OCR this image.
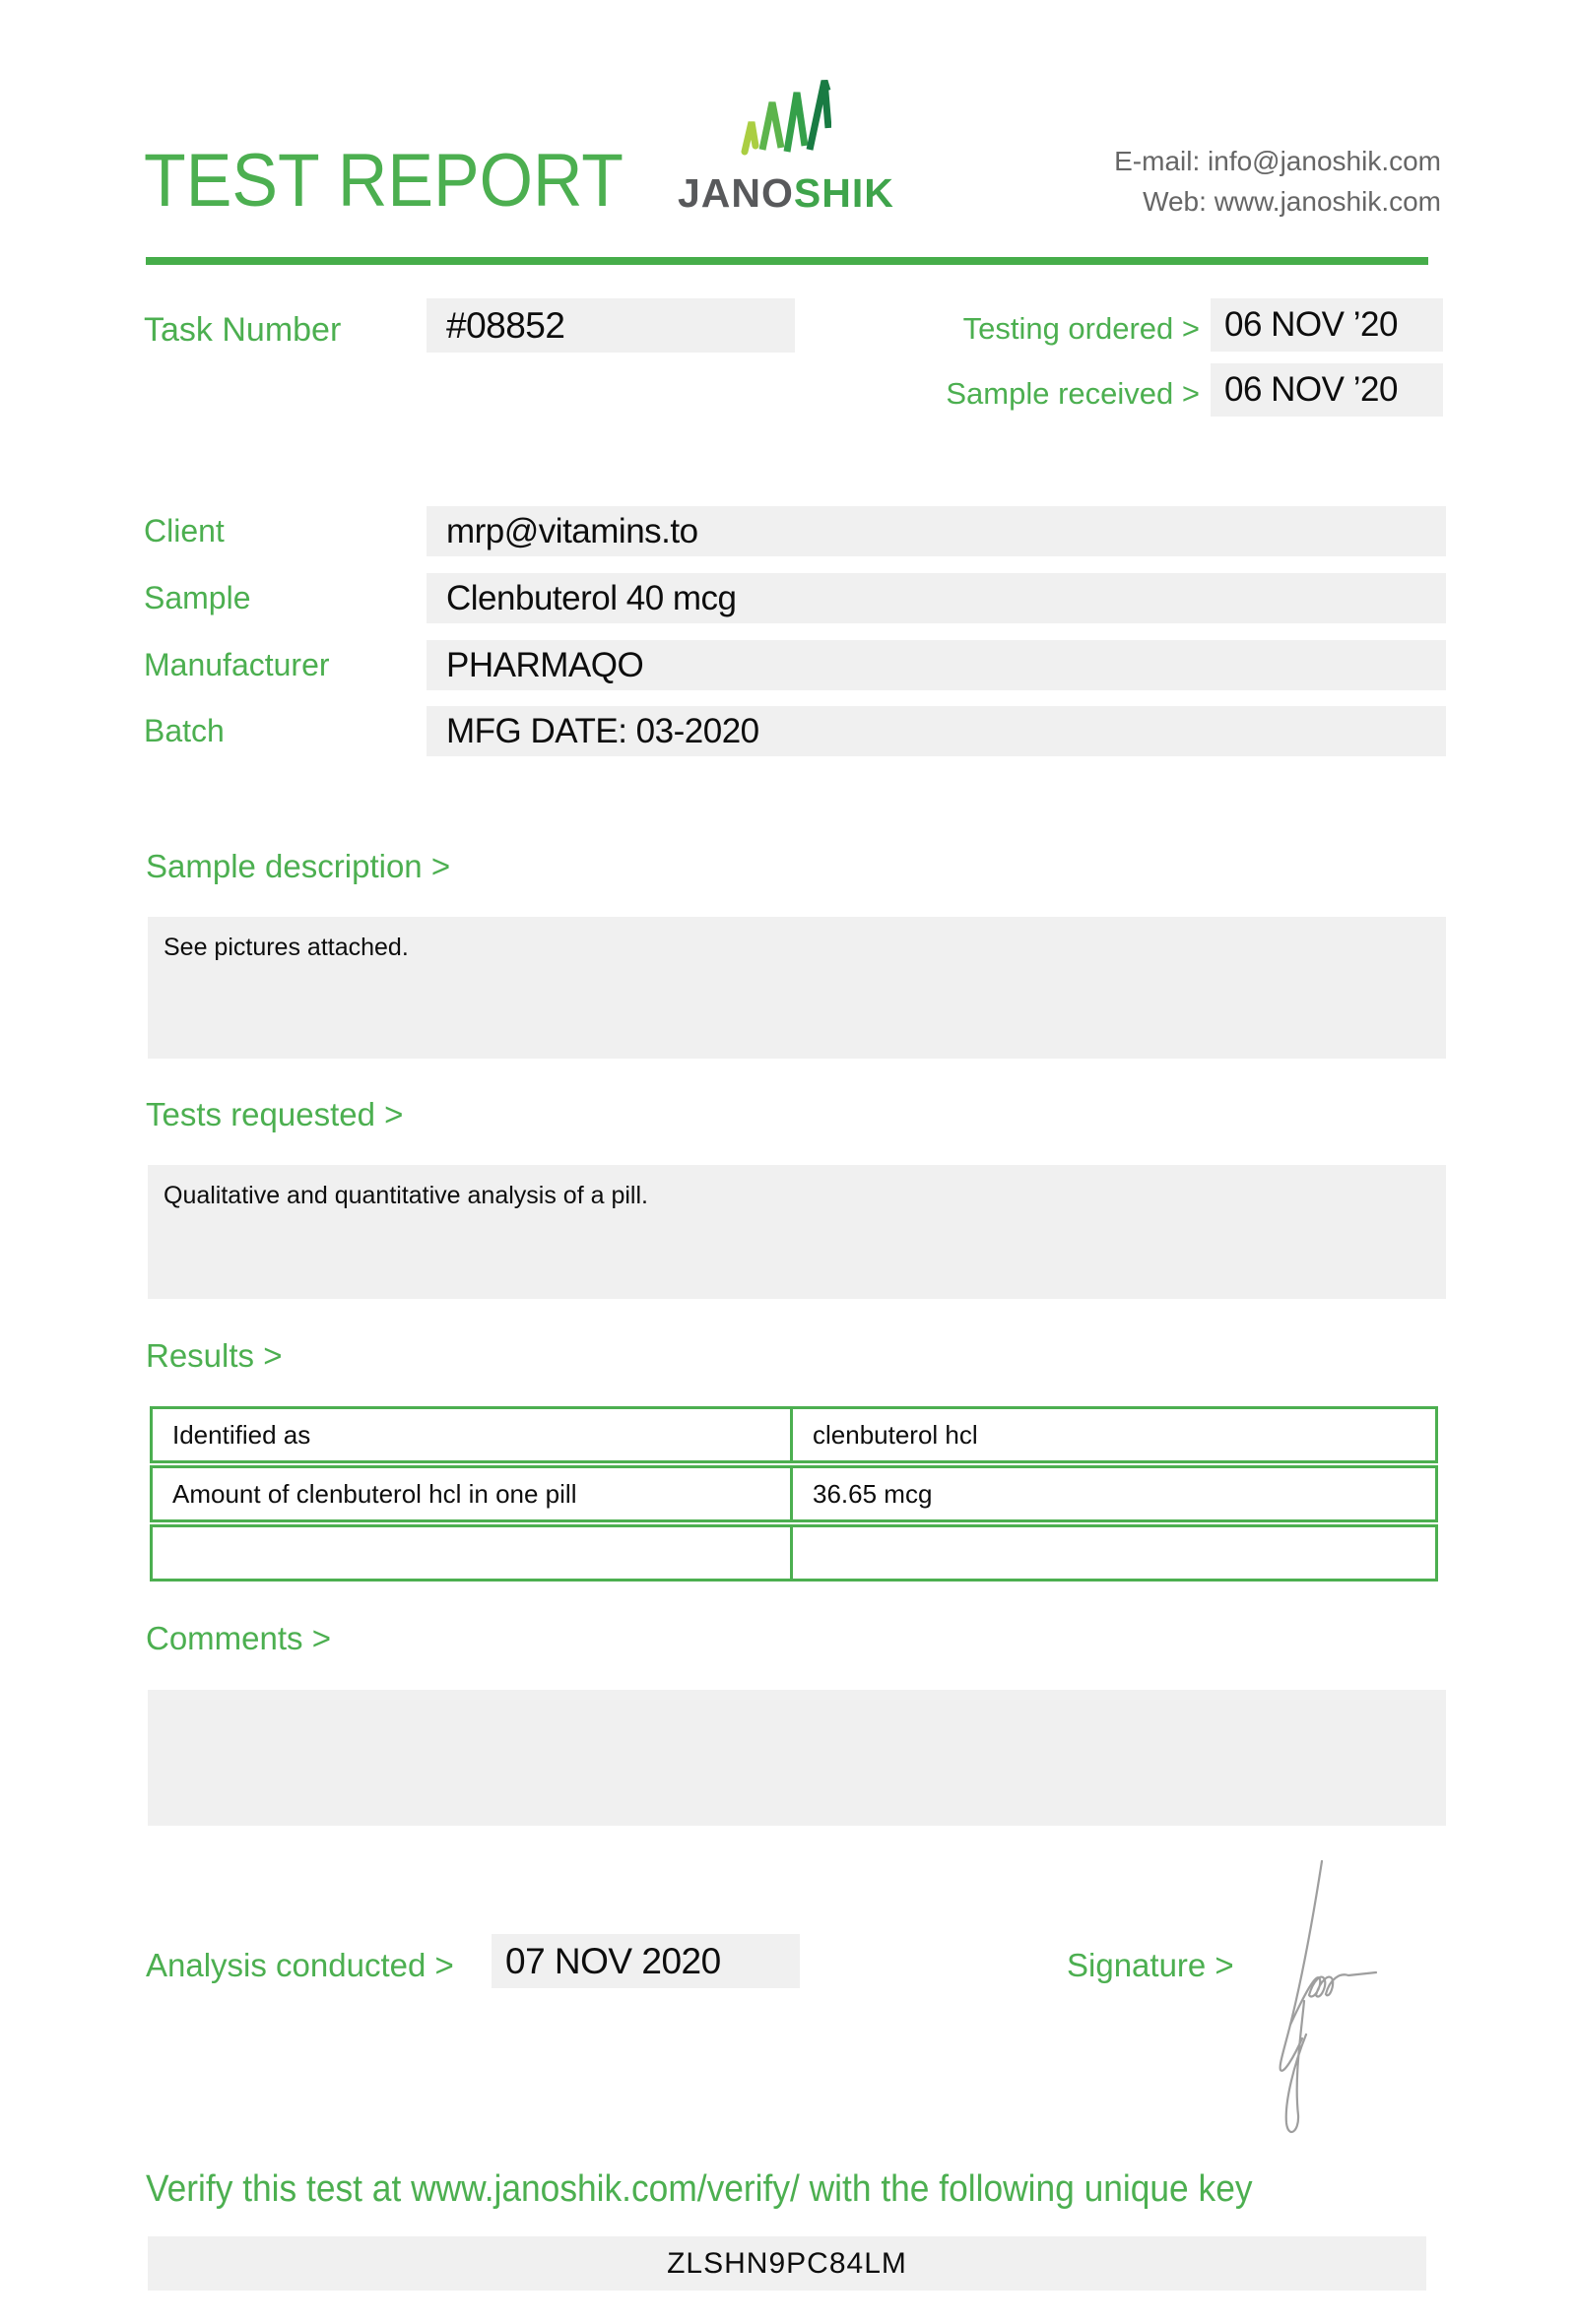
TEST REPORT JANOSHIK
E-mail: info@janoshik.com
Web: www.janoshik.com
Task Number	#08852	Testing ordered > 06 NOV ’20
Sample received > 06 NOV ’20
Client	mrp@vitamins.to
Sample	Clenbuterol 40 mcg
Manufacturer	PHARMAQO
Batch	MFG DATE: 03-2020
Sample description >
See pictures attached.
Tests requested >
Qualitative and quantitative analysis of a pill.
Results >
Identified as	clenbuterol hcl
Amount of clenbuterol hcl in one pill	36.65 mcg
Comments >
Analysis conducted >	07 NOV 2020	Signature >
Verify this test at www.janoshik.com/verify/ with the following unique key
ZLSHN9PC84LM
